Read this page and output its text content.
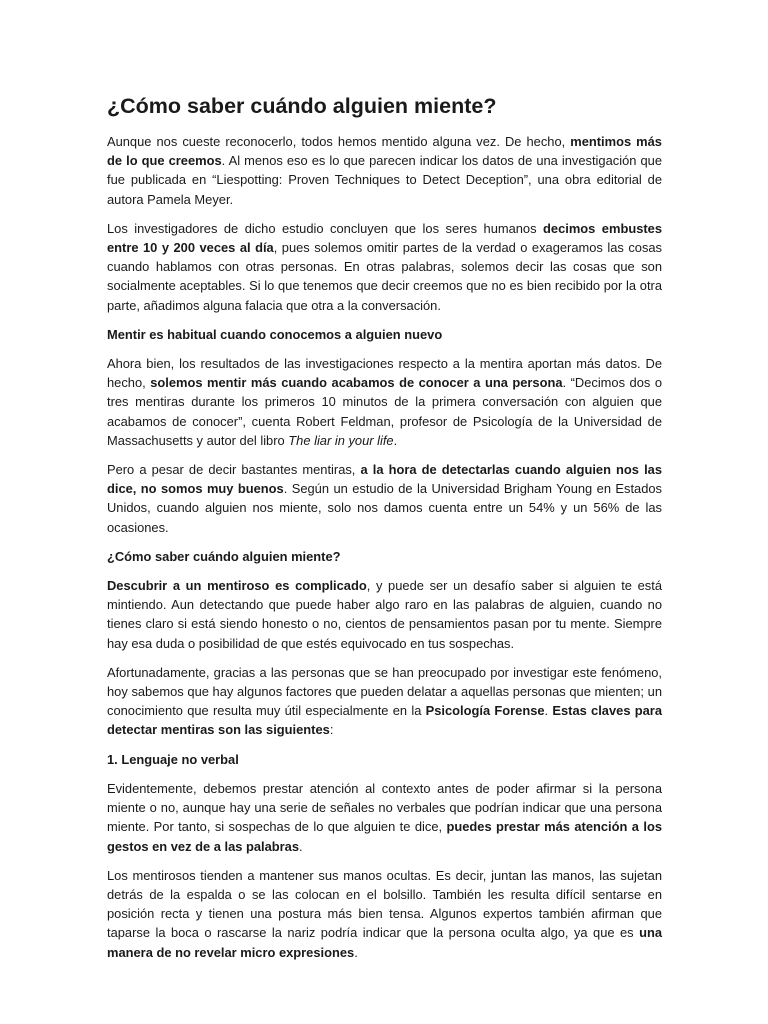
¿Cómo saber cuándo alguien miente?

Aunque nos cueste reconocerlo, todos hemos mentido alguna vez. De hecho, mentimos más de lo que creemos. Al menos eso es lo que parecen indicar los datos de una investigación que fue publicada en “Liespotting: Proven Techniques to Detect Deception”, una obra editorial de autora Pamela Meyer.

Los investigadores de dicho estudio concluyen que los seres humanos decimos embustes entre 10 y 200 veces al día, pues solemos omitir partes de la verdad o exageramos las cosas cuando hablamos con otras personas. En otras palabras, solemos decir las cosas que son socialmente aceptables. Si lo que tenemos que decir creemos que no es bien recibido por la otra parte, añadimos alguna falacia que otra a la conversación.

Mentir es habitual cuando conocemos a alguien nuevo

Ahora bien, los resultados de las investigaciones respecto a la mentira aportan más datos. De hecho, solemos mentir más cuando acabamos de conocer a una persona. “Decimos dos o tres mentiras durante los primeros 10 minutos de la primera conversación con alguien que acabamos de conocer”, cuenta Robert Feldman, profesor de Psicología de la Universidad de Massachusetts y autor del libro The liar in your life.

Pero a pesar de decir bastantes mentiras, a la hora de detectarlas cuando alguien nos las dice, no somos muy buenos. Según un estudio de la Universidad Brigham Young en Estados Unidos, cuando alguien nos miente, solo nos damos cuenta entre un 54% y un 56% de las ocasiones.

¿Cómo saber cuándo alguien miente?

Descubrir a un mentiroso es complicado, y puede ser un desafío saber si alguien te está mintiendo. Aun detectando que puede haber algo raro en las palabras de alguien, cuando no tienes claro si está siendo honesto o no, cientos de pensamientos pasan por tu mente. Siempre hay esa duda o posibilidad de que estés equivocado en tus sospechas.

Afortunadamente, gracias a las personas que se han preocupado por investigar este fenómeno, hoy sabemos que hay algunos factores que pueden delatar a aquellas personas que mienten; un conocimiento que resulta muy útil especialmente en la Psicología Forense. Estas claves para detectar mentiras son las siguientes:

1. Lenguaje no verbal

Evidentemente, debemos prestar atención al contexto antes de poder afirmar si la persona miente o no, aunque hay una serie de señales no verbales que podrían indicar que una persona miente. Por tanto, si sospechas de lo que alguien te dice, puedes prestar más atención a los gestos en vez de a las palabras.

Los mentirosos tienden a mantener sus manos ocultas. Es decir, juntan las manos, las sujetan detrás de la espalda o se las colocan en el bolsillo. También les resulta difícil sentarse en posición recta y tienen una postura más bien tensa. Algunos expertos también afirman que taparse la boca o rascarse la nariz podría indicar que la persona oculta algo, ya que es una manera de no revelar micro expresiones.
